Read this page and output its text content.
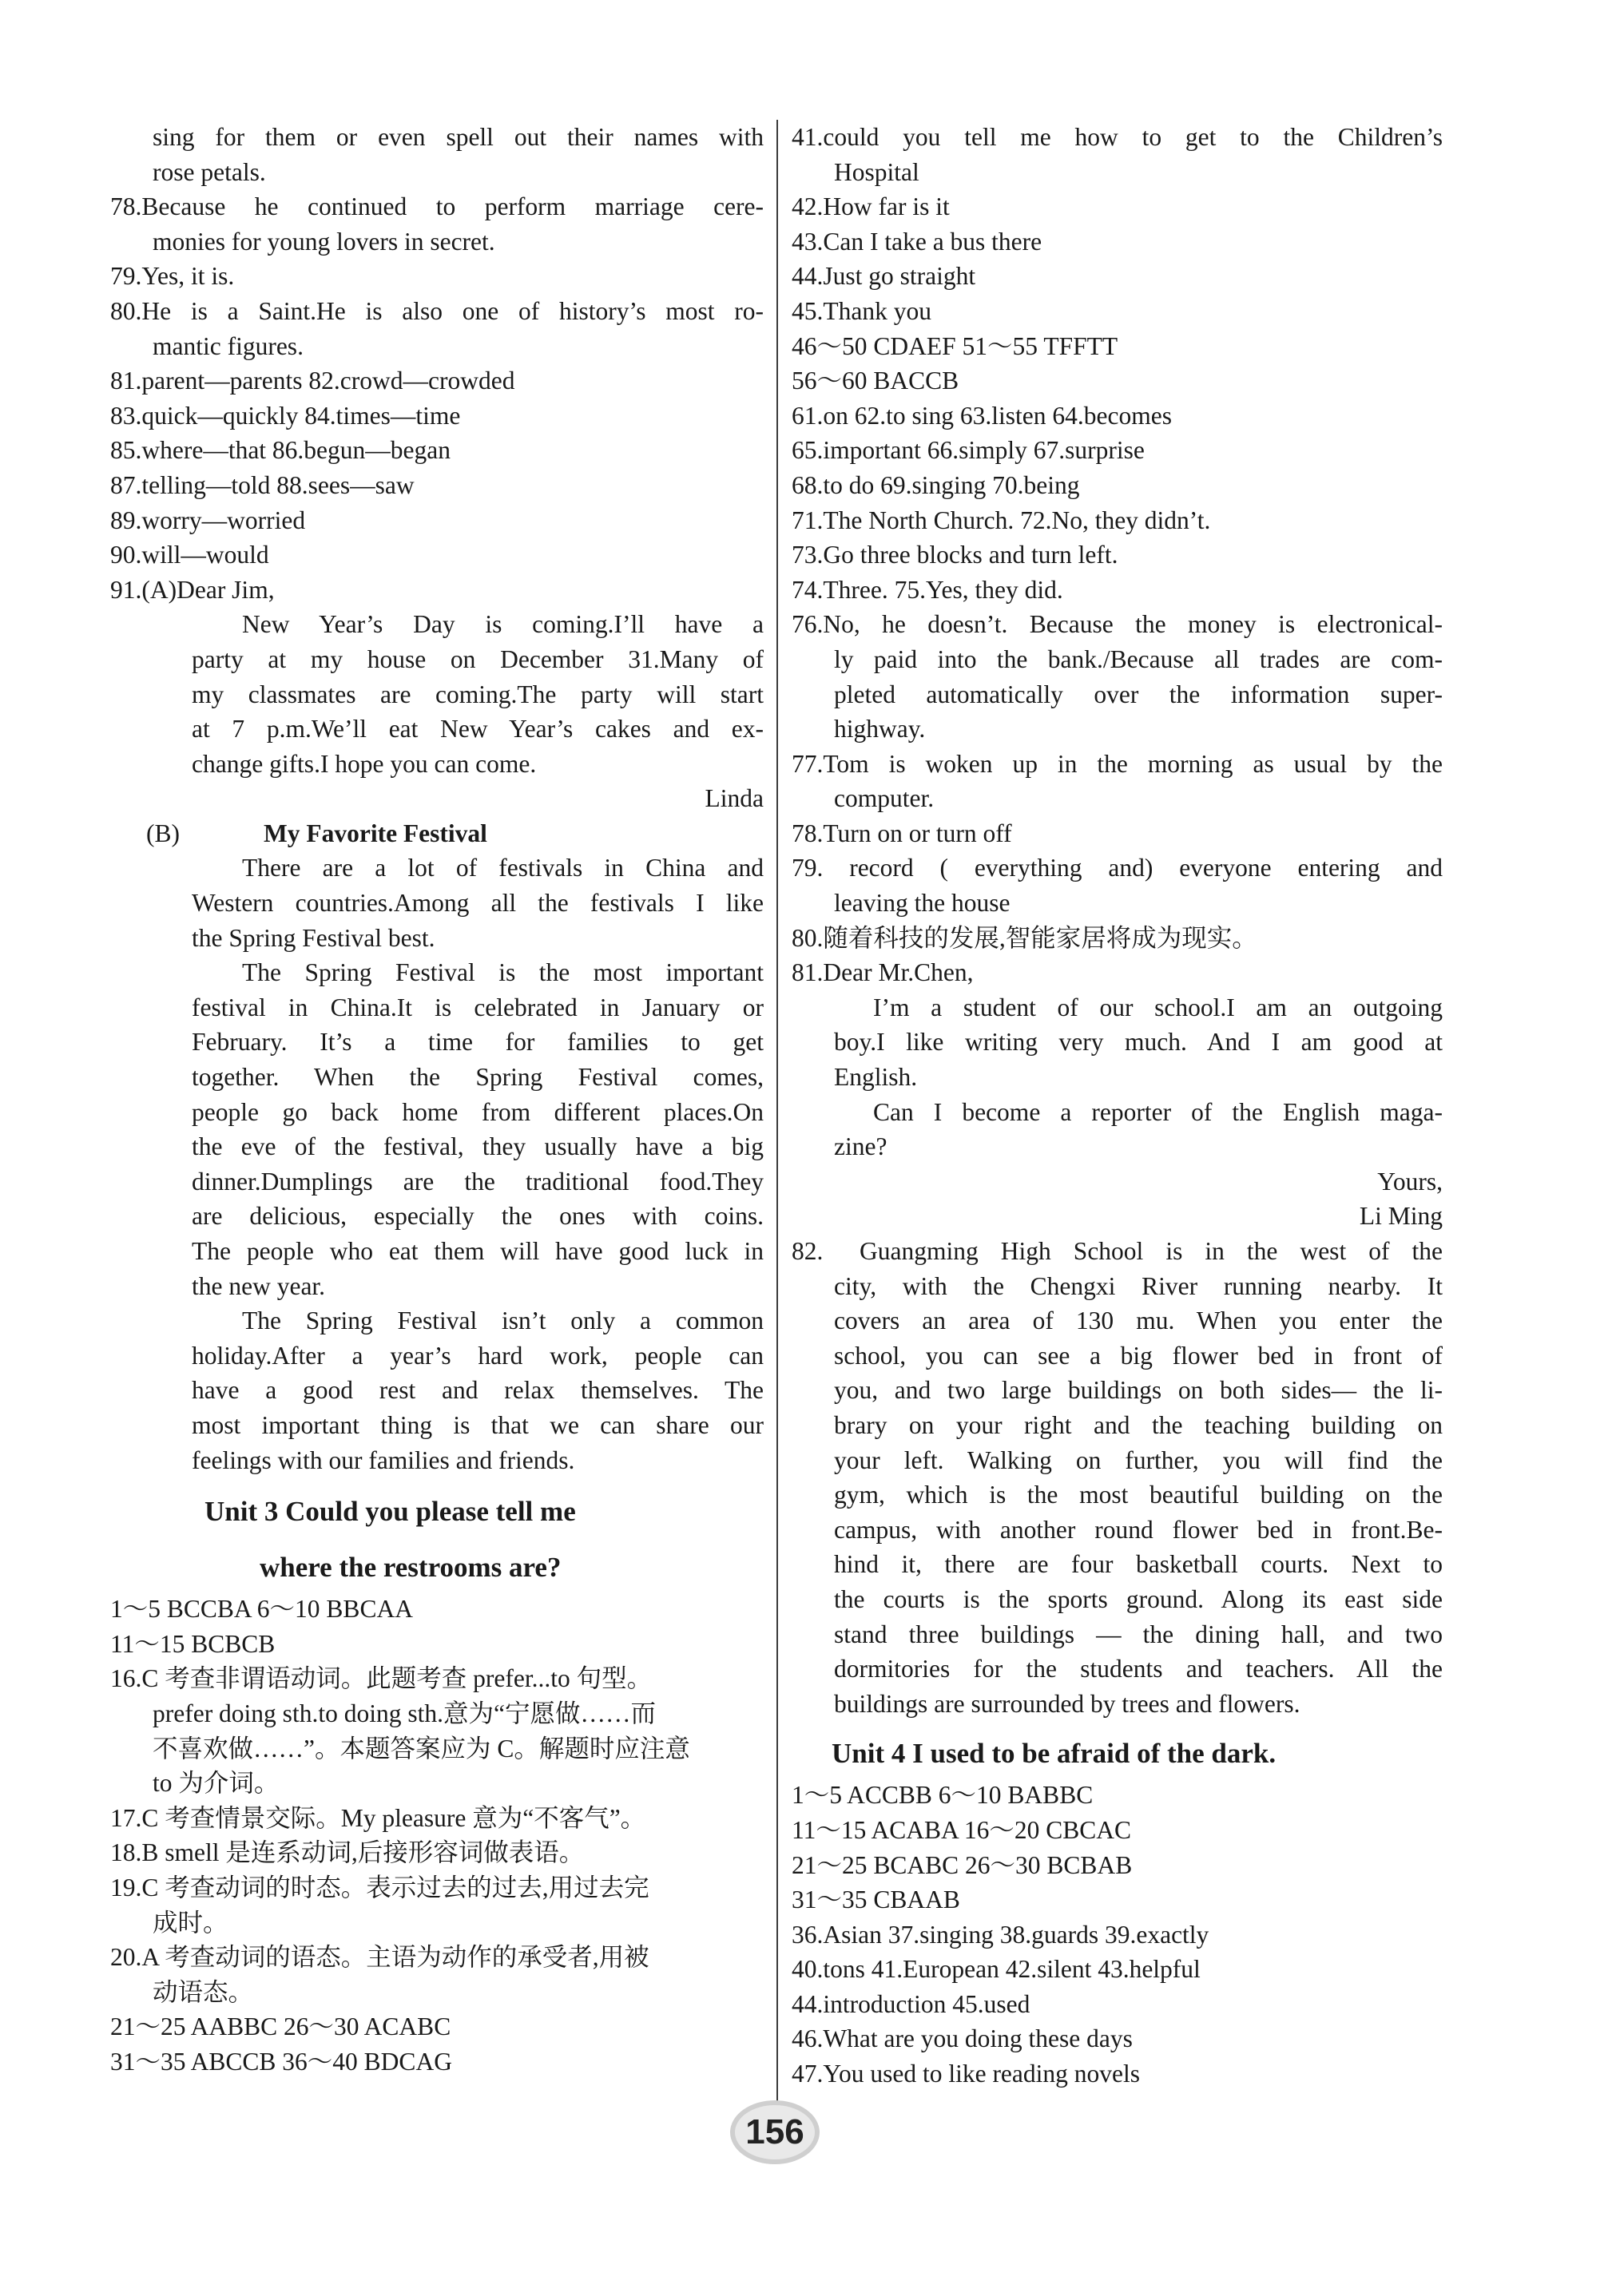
sing for them or even spell out their names with
rose petals.
78.Because he continued to perform marriage cere-
monies for young lovers in secret.
79.Yes, it is.
80.He is a Saint.He is also one of history’s most ro-
mantic figures.
81.parent—parents 82.crowd—crowded
83.quick—quickly 84.times—time
85.where—that 86.begun—began
87.telling—told 88.sees—saw
89.worry—worried
90.will—would
91.(A)Dear Jim,
New Year’s Day is coming.I’ll have a
party at my house on December 31.Many of
my classmates are coming.The party will start
at 7 p.m.We’ll eat New Year’s cakes and ex-
change gifts.I hope you can come.
Linda
(B)	My Favorite Festival
There are a lot of festivals in China and
Western countries.Among all the festivals I like
the Spring Festival best.
The Spring Festival is the most important
festival in China.It is celebrated in January or
February. It’s a time for families to get
together. When the Spring Festival comes,
people go back home from different places.On
the eve of the festival, they usually have a big
dinner.Dumplings are the traditional food.They
are delicious, especially the ones with coins.
The people who eat them will have good luck in
the new year.
The Spring Festival isn’t only a common
holiday.After a year’s hard work, people can
have a good rest and relax themselves. The
most important thing is that we can share our
feelings with our families and friends.
Unit 3 Could you please tell me
where the restrooms are?
1～5 BCCBA 6～10 BBCAA
11～15 BCBCB
16.C 考查非谓语动词。此题考查 prefer...to 句型。
prefer doing sth.to doing sth.意为“宁愿做……而
不喜欢做……”。本题答案应为 C。解题时应注意
to 为介词。
17.C 考查情景交际。My pleasure 意为“不客气”。
18.B smell 是连系动词,后接形容词做表语。
19.C 考查动词的时态。表示过去的过去,用过去完
成时。
20.A 考查动词的语态。主语为动作的承受者,用被
动语态。
21～25 AABBC 26～30 ACABC
31～35 ABCCB 36～40 BDCAG
41.could you tell me how to get to the Children’s
Hospital
42.How far is it
43.Can I take a bus there
44.Just go straight
45.Thank you
46～50 CDAEF 51～55 TFFTT
56～60 BACCB
61.on 62.to sing 63.listen 64.becomes
65.important 66.simply 67.surprise
68.to do 69.singing 70.being
71.The North Church. 72.No, they didn’t.
73.Go three blocks and turn left.
74.Three. 75.Yes, they did.
76.No, he doesn’t. Because the money is electronical-
ly paid into the bank./Because all trades are com-
pleted automatically over the information super-
highway.
77.Tom is woken up in the morning as usual by the
computer.
78.Turn on or turn off
79. record ( everything and) everyone entering and
leaving the house
80.随着科技的发展,智能家居将成为现实。
81.Dear Mr.Chen,
I’m a student of our school.I am an outgoing
boy.I like writing very much. And I am good at
English.
Can I become a reporter of the English maga-
zine?
Yours,
Li Ming
82.	Guangming High School is in the west of the
city, with the Chengxi River running nearby. It
covers an area of 130 mu. When you enter the
school, you can see a big flower bed in front of
you, and two large buildings on both sides— the li-
brary on your right and the teaching building on
your left. Walking on further, you will find the
gym, which is the most beautiful building on the
campus, with another round flower bed in front.Be-
hind it, there are four basketball courts. Next to
the courts is the sports ground. Along its east side
stand three buildings — the dining hall, and two
dormitories for the students and teachers. All the
buildings are surrounded by trees and flowers.
Unit 4 I used to be afraid of the dark.
1～5 ACCBB 6～10 BABBC
11～15 ACABA 16～20 CBCAC
21～25 BCABC 26～30 BCBAB
31～35 CBAAB
36.Asian 37.singing 38.guards 39.exactly
40.tons 41.European 42.silent 43.helpful
44.introduction 45.used
46.What are you doing these days
47.You used to like reading novels
156
